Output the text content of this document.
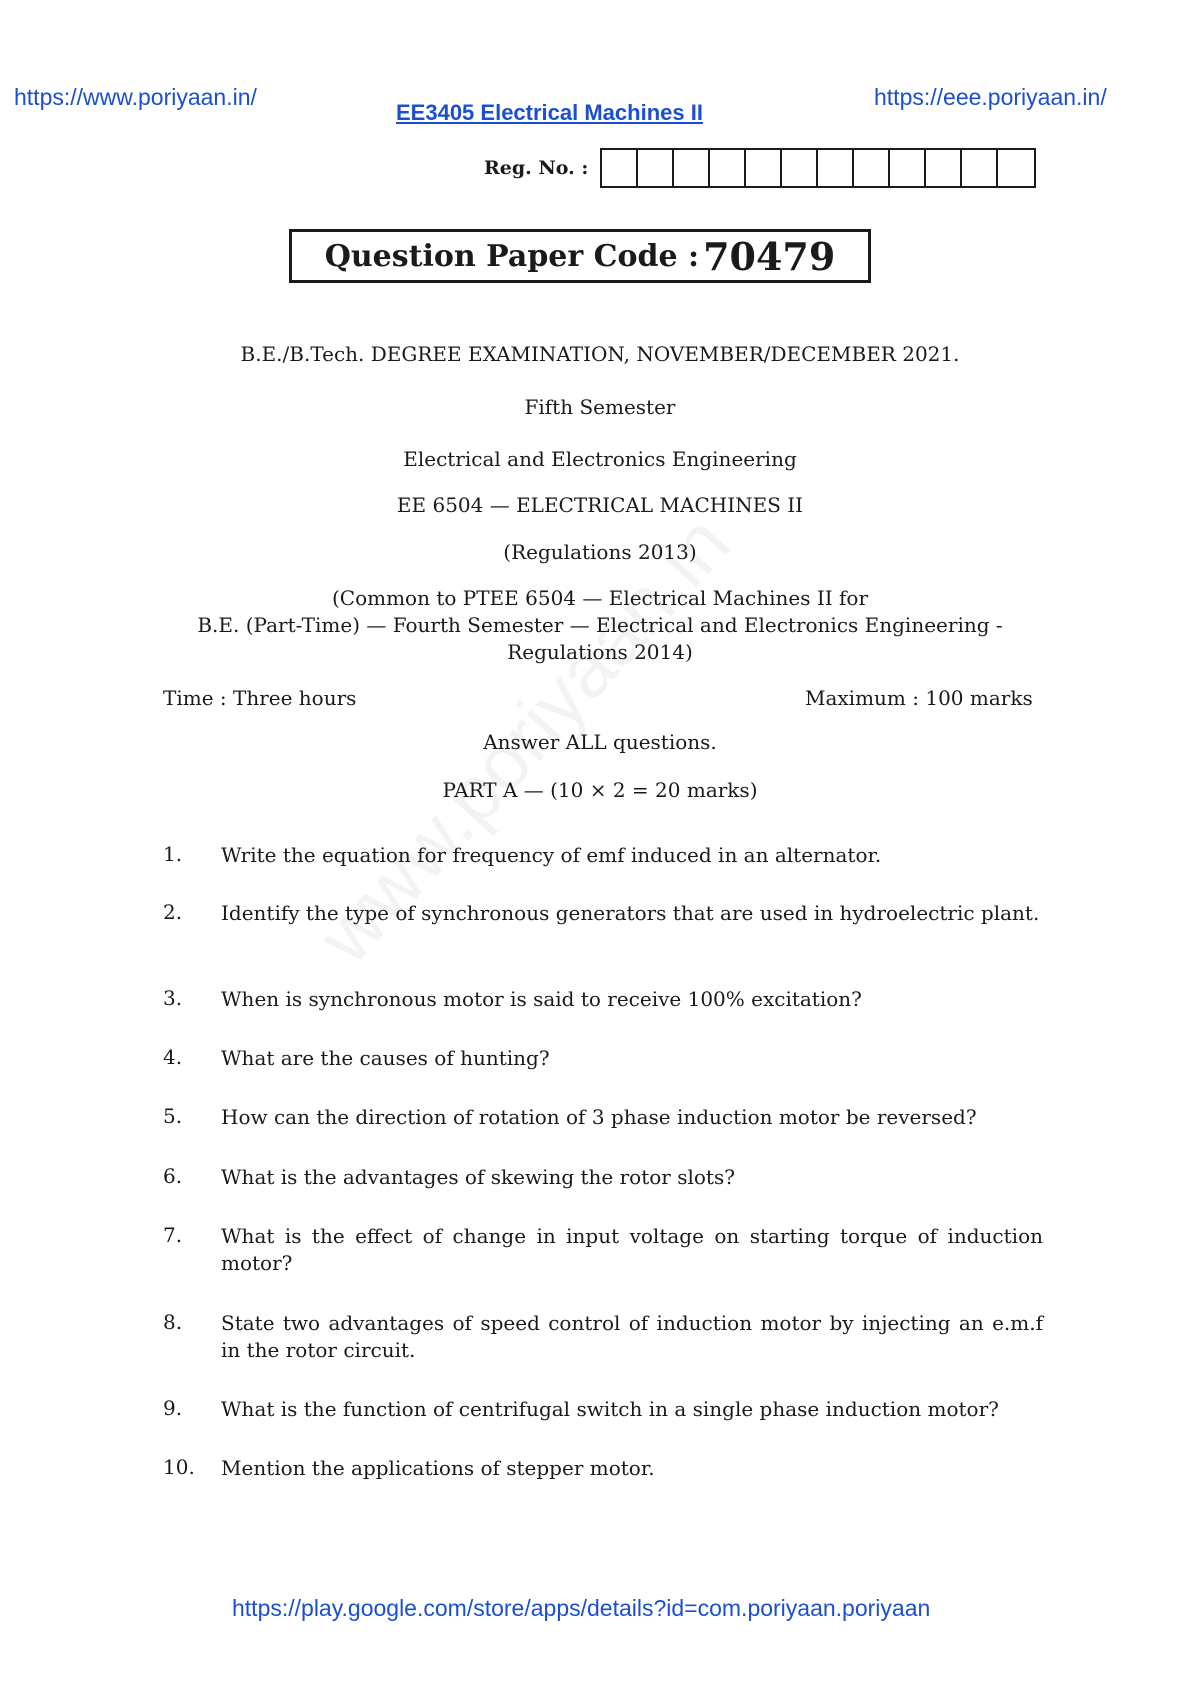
https://www.poriyaan.in/	https://eee.poriyaan.in/
EE3405 Electrical Machines II
Reg. No. :
Question Paper Code : 70479
B.E./B.Tech. DEGREE EXAMINATION, NOVEMBER/DECEMBER 2021.
Fifth Semester
Electrical and Electronics Engineering
EE 6504 — ELECTRICAL MACHINES II
(Regulations 2013)
(Common to PTEE 6504 — Electrical Machines II for
B.E. (Part-Time) — Fourth Semester — Electrical and Electronics Engineering -
Regulations 2014)
Time : Three hours	Maximum : 100 marks
Answer ALL questions.
PART A — (10 × 2 = 20 marks)
1.	Write the equation for frequency of emf induced in an alternator.
2.	Identify the type of synchronous generators that are used in hydroelectric plant.
3.	When is synchronous motor is said to receive 100% excitation?
4.	What are the causes of hunting?
5.	How can the direction of rotation of 3 phase induction motor be reversed?
6.	What is the advantages of skewing the rotor slots?
7.	What is the effect of change in input voltage on starting torque of induction motor?
8.	State two advantages of speed control of induction motor by injecting an e.m.f in the rotor circuit.
9.	What is the function of centrifugal switch in a single phase induction motor?
10.	Mention the applications of stepper motor.
https://play.google.com/store/apps/details?id=com.poriyaan.poriyaan
